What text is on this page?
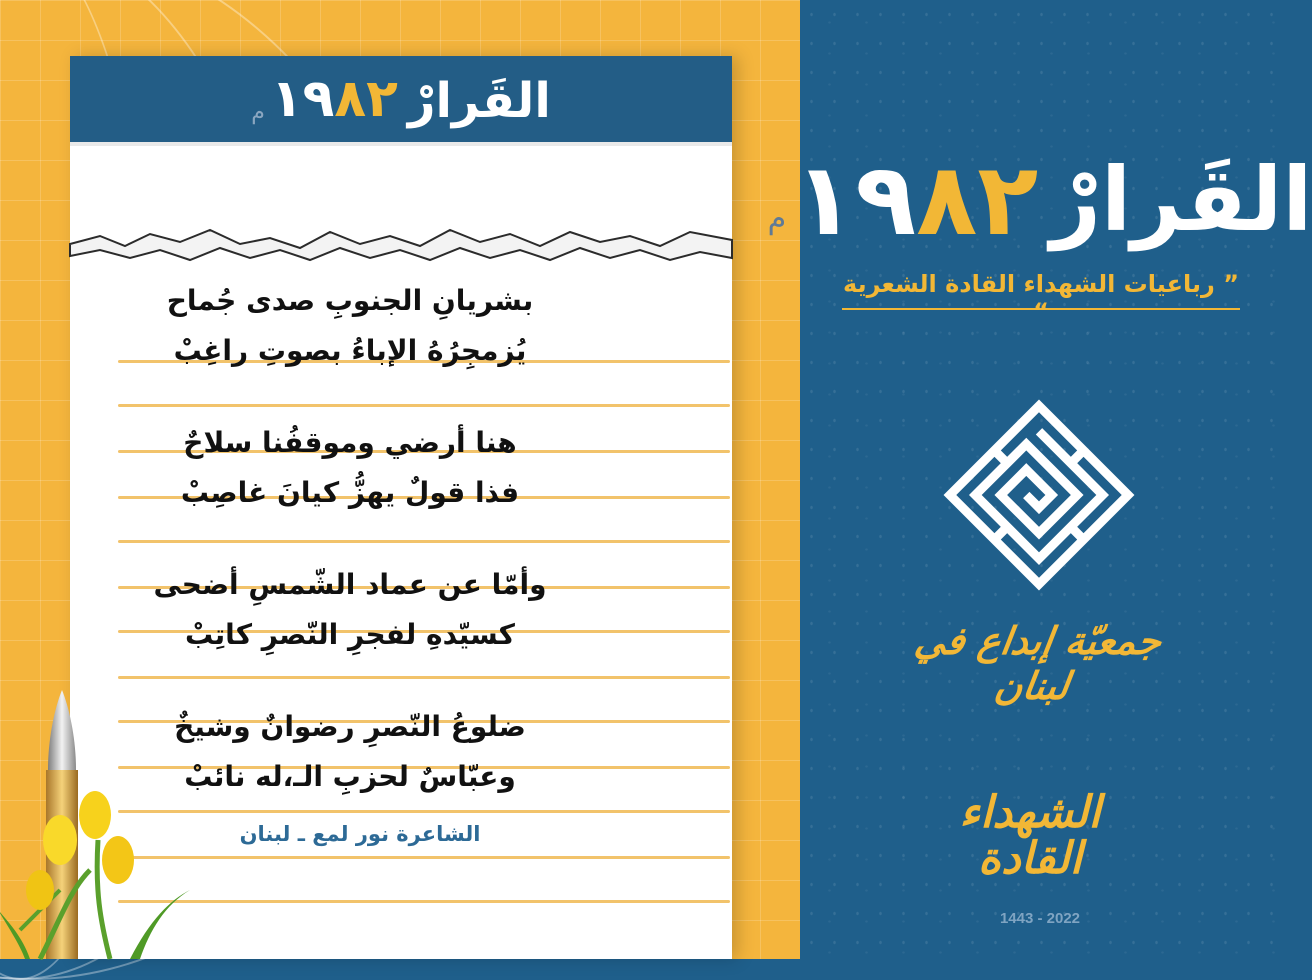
م ١٩٨٢ القَرارْ
بشريانِ الجنوبِ صدى جُماح
يُزمجِرُهُ الإباءُ بصوتِ راغِبْ
هنا أرضي وموقفُنا سلاحٌ
فذا قولٌ يهزُّ كيانَ غاصِبْ
وأمّا عن عماد الشّمسِ أضحى
كسيّدهِ لفجرِ النّصرِ كاتِبْ
ضلوعُ النّصرِ رضوانٌ وشيخٌ
وعبّاسٌ لحزبِ الـ،له نائبْ
الشاعرة نور لمع ـ لبنان
م ١٩٨٢ القَرارْ
” رباعيات الشهداء القادة الشعرية “
جمعيّة إبداع في لبنان
الشهداء القادة
1443 - 2022
